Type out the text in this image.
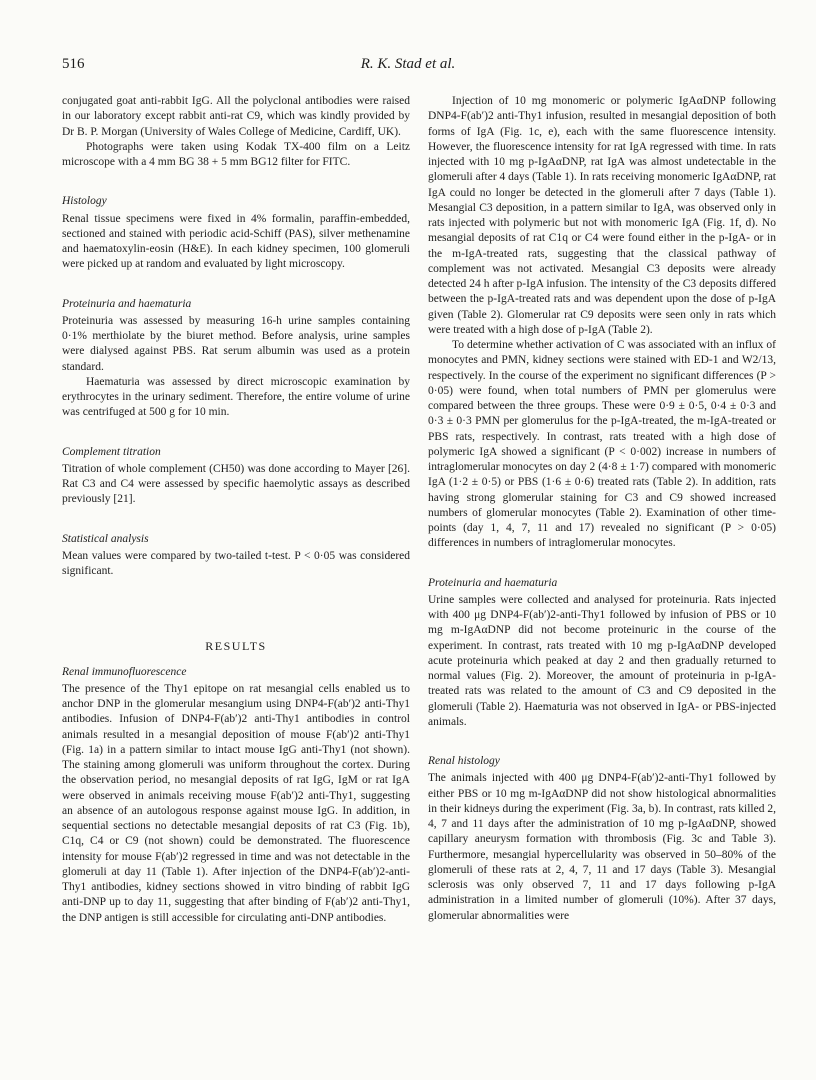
516	R. K. Stad et al.

conjugated goat anti-rabbit IgG. All the polyclonal antibodies were raised in our laboratory except rabbit anti-rat C9, which was kindly provided by Dr B. P. Morgan (University of Wales College of Medicine, Cardiff, UK).

Photographs were taken using Kodak TX-400 film on a Leitz microscope with a 4 mm BG 38 + 5 mm BG12 filter for FITC.

Histology

Renal tissue specimens were fixed in 4% formalin, paraffin-embedded, sectioned and stained with periodic acid-Schiff (PAS), silver methenamine and haematoxylin-eosin (H&E). In each kidney specimen, 100 glomeruli were picked up at random and evaluated by light microscopy.

Proteinuria and haematuria

Proteinuria was assessed by measuring 16-h urine samples containing 0·1% merthiolate by the biuret method. Before analysis, urine samples were dialysed against PBS. Rat serum albumin was used as a protein standard.

Haematuria was assessed by direct microscopic examination by erythrocytes in the urinary sediment. Therefore, the entire volume of urine was centrifuged at 500 g for 10 min.

Complement titration

Titration of whole complement (CH50) was done according to Mayer [26]. Rat C3 and C4 were assessed by specific haemolytic assays as described previously [21].

Statistical analysis

Mean values were compared by two-tailed t-test. P < 0·05 was considered significant.

RESULTS
Renal immunofluorescence

The presence of the Thy1 epitope on rat mesangial cells enabled us to anchor DNP in the glomerular mesangium using DNP4-F(ab′)2 anti-Thy1 antibodies. Infusion of DNP4-F(ab′)2 anti-Thy1 antibodies in control animals resulted in a mesangial deposition of mouse F(ab′)2 anti-Thy1 (Fig. 1a) in a pattern similar to intact mouse IgG anti-Thy1 (not shown). The staining among glomeruli was uniform throughout the cortex. During the observation period, no mesangial deposits of rat IgG, IgM or rat IgA were observed in animals receiving mouse F(ab′)2 anti-Thy1, suggesting an absence of an autologous response against mouse IgG. In addition, in sequential sections no detectable mesangial deposits of rat C3 (Fig. 1b), C1q, C4 or C9 (not shown) could be demonstrated. The fluorescence intensity for mouse F(ab′)2 regressed in time and was not detectable in the glomeruli at day 11 (Table 1). After injection of the DNP4-F(ab′)2-anti-Thy1 antibodies, kidney sections showed in vitro binding of rabbit IgG anti-DNP up to day 11, suggesting that after binding of F(ab′)2 anti-Thy1, the DNP antigen is still accessible for circulating anti-DNP antibodies.

Injection of 10 mg monomeric or polymeric IgAαDNP following DNP4-F(ab′)2 anti-Thy1 infusion, resulted in mesangial deposition of both forms of IgA (Fig. 1c, e), each with the same fluorescence intensity. However, the fluorescence intensity for rat IgA regressed with time. In rats injected with 10 mg p-IgAαDNP, rat IgA was almost undetectable in the glomeruli after 4 days (Table 1). In rats receiving monomeric IgAαDNP, rat IgA could no longer be detected in the glomeruli after 7 days (Table 1). Mesangial C3 deposition, in a pattern similar to IgA, was observed only in rats injected with polymeric but not with monomeric IgA (Fig. 1f, d). No mesangial deposits of rat C1q or C4 were found either in the p-IgA- or in the m-IgA-treated rats, suggesting that the classical pathway of complement was not activated. Mesangial C3 deposits were already detected 24 h after p-IgA infusion. The intensity of the C3 deposits differed between the p-IgA-treated rats and was dependent upon the dose of p-IgA given (Table 2). Glomerular rat C9 deposits were seen only in rats which were treated with a high dose of p-IgA (Table 2).

To determine whether activation of C was associated with an influx of monocytes and PMN, kidney sections were stained with ED-1 and W2/13, respectively. In the course of the experiment no significant differences (P > 0·05) were found, when total numbers of PMN per glomerulus were compared between the three groups. These were 0·9 ± 0·5, 0·4 ± 0·3 and 0·3 ± 0·3 PMN per glomerulus for the p-IgA-treated, the m-IgA-treated or PBS rats, respectively. In contrast, rats treated with a high dose of polymeric IgA showed a significant (P < 0·002) increase in numbers of intraglomerular monocytes on day 2 (4·8 ± 1·7) compared with monomeric IgA (1·2 ± 0·5) or PBS (1·6 ± 0·6) treated rats (Table 2). In addition, rats having strong glomerular staining for C3 and C9 showed increased numbers of glomerular monocytes (Table 2). Examination of other time-points (day 1, 4, 7, 11 and 17) revealed no significant (P > 0·05) differences in numbers of intraglomerular monocytes.

Proteinuria and haematuria

Urine samples were collected and analysed for proteinuria. Rats injected with 400 μg DNP4-F(ab′)2-anti-Thy1 followed by infusion of PBS or 10 mg m-IgAαDNP did not become proteinuric in the course of the experiment. In contrast, rats treated with 10 mg p-IgAαDNP developed acute proteinuria which peaked at day 2 and then gradually returned to normal values (Fig. 2). Moreover, the amount of proteinuria in p-IgA-treated rats was related to the amount of C3 and C9 deposited in the glomeruli (Table 2). Haematuria was not observed in IgA- or PBS-injected animals.

Renal histology

The animals injected with 400 μg DNP4-F(ab′)2-anti-Thy1 followed by either PBS or 10 mg m-IgAαDNP did not show histological abnormalities in their kidneys during the experiment (Fig. 3a, b). In contrast, rats killed 2, 4, 7 and 11 days after the administration of 10 mg p-IgAαDNP, showed capillary aneurysm formation with thrombosis (Fig. 3c and Table 3). Furthermore, mesangial hypercellularity was observed in 50–80% of the glomeruli of these rats at 2, 4, 7, 11 and 17 days (Table 3). Mesangial sclerosis was only observed 7, 11 and 17 days following p-IgA administration in a limited number of glomeruli (10%). After 37 days, glomerular abnormalities were
